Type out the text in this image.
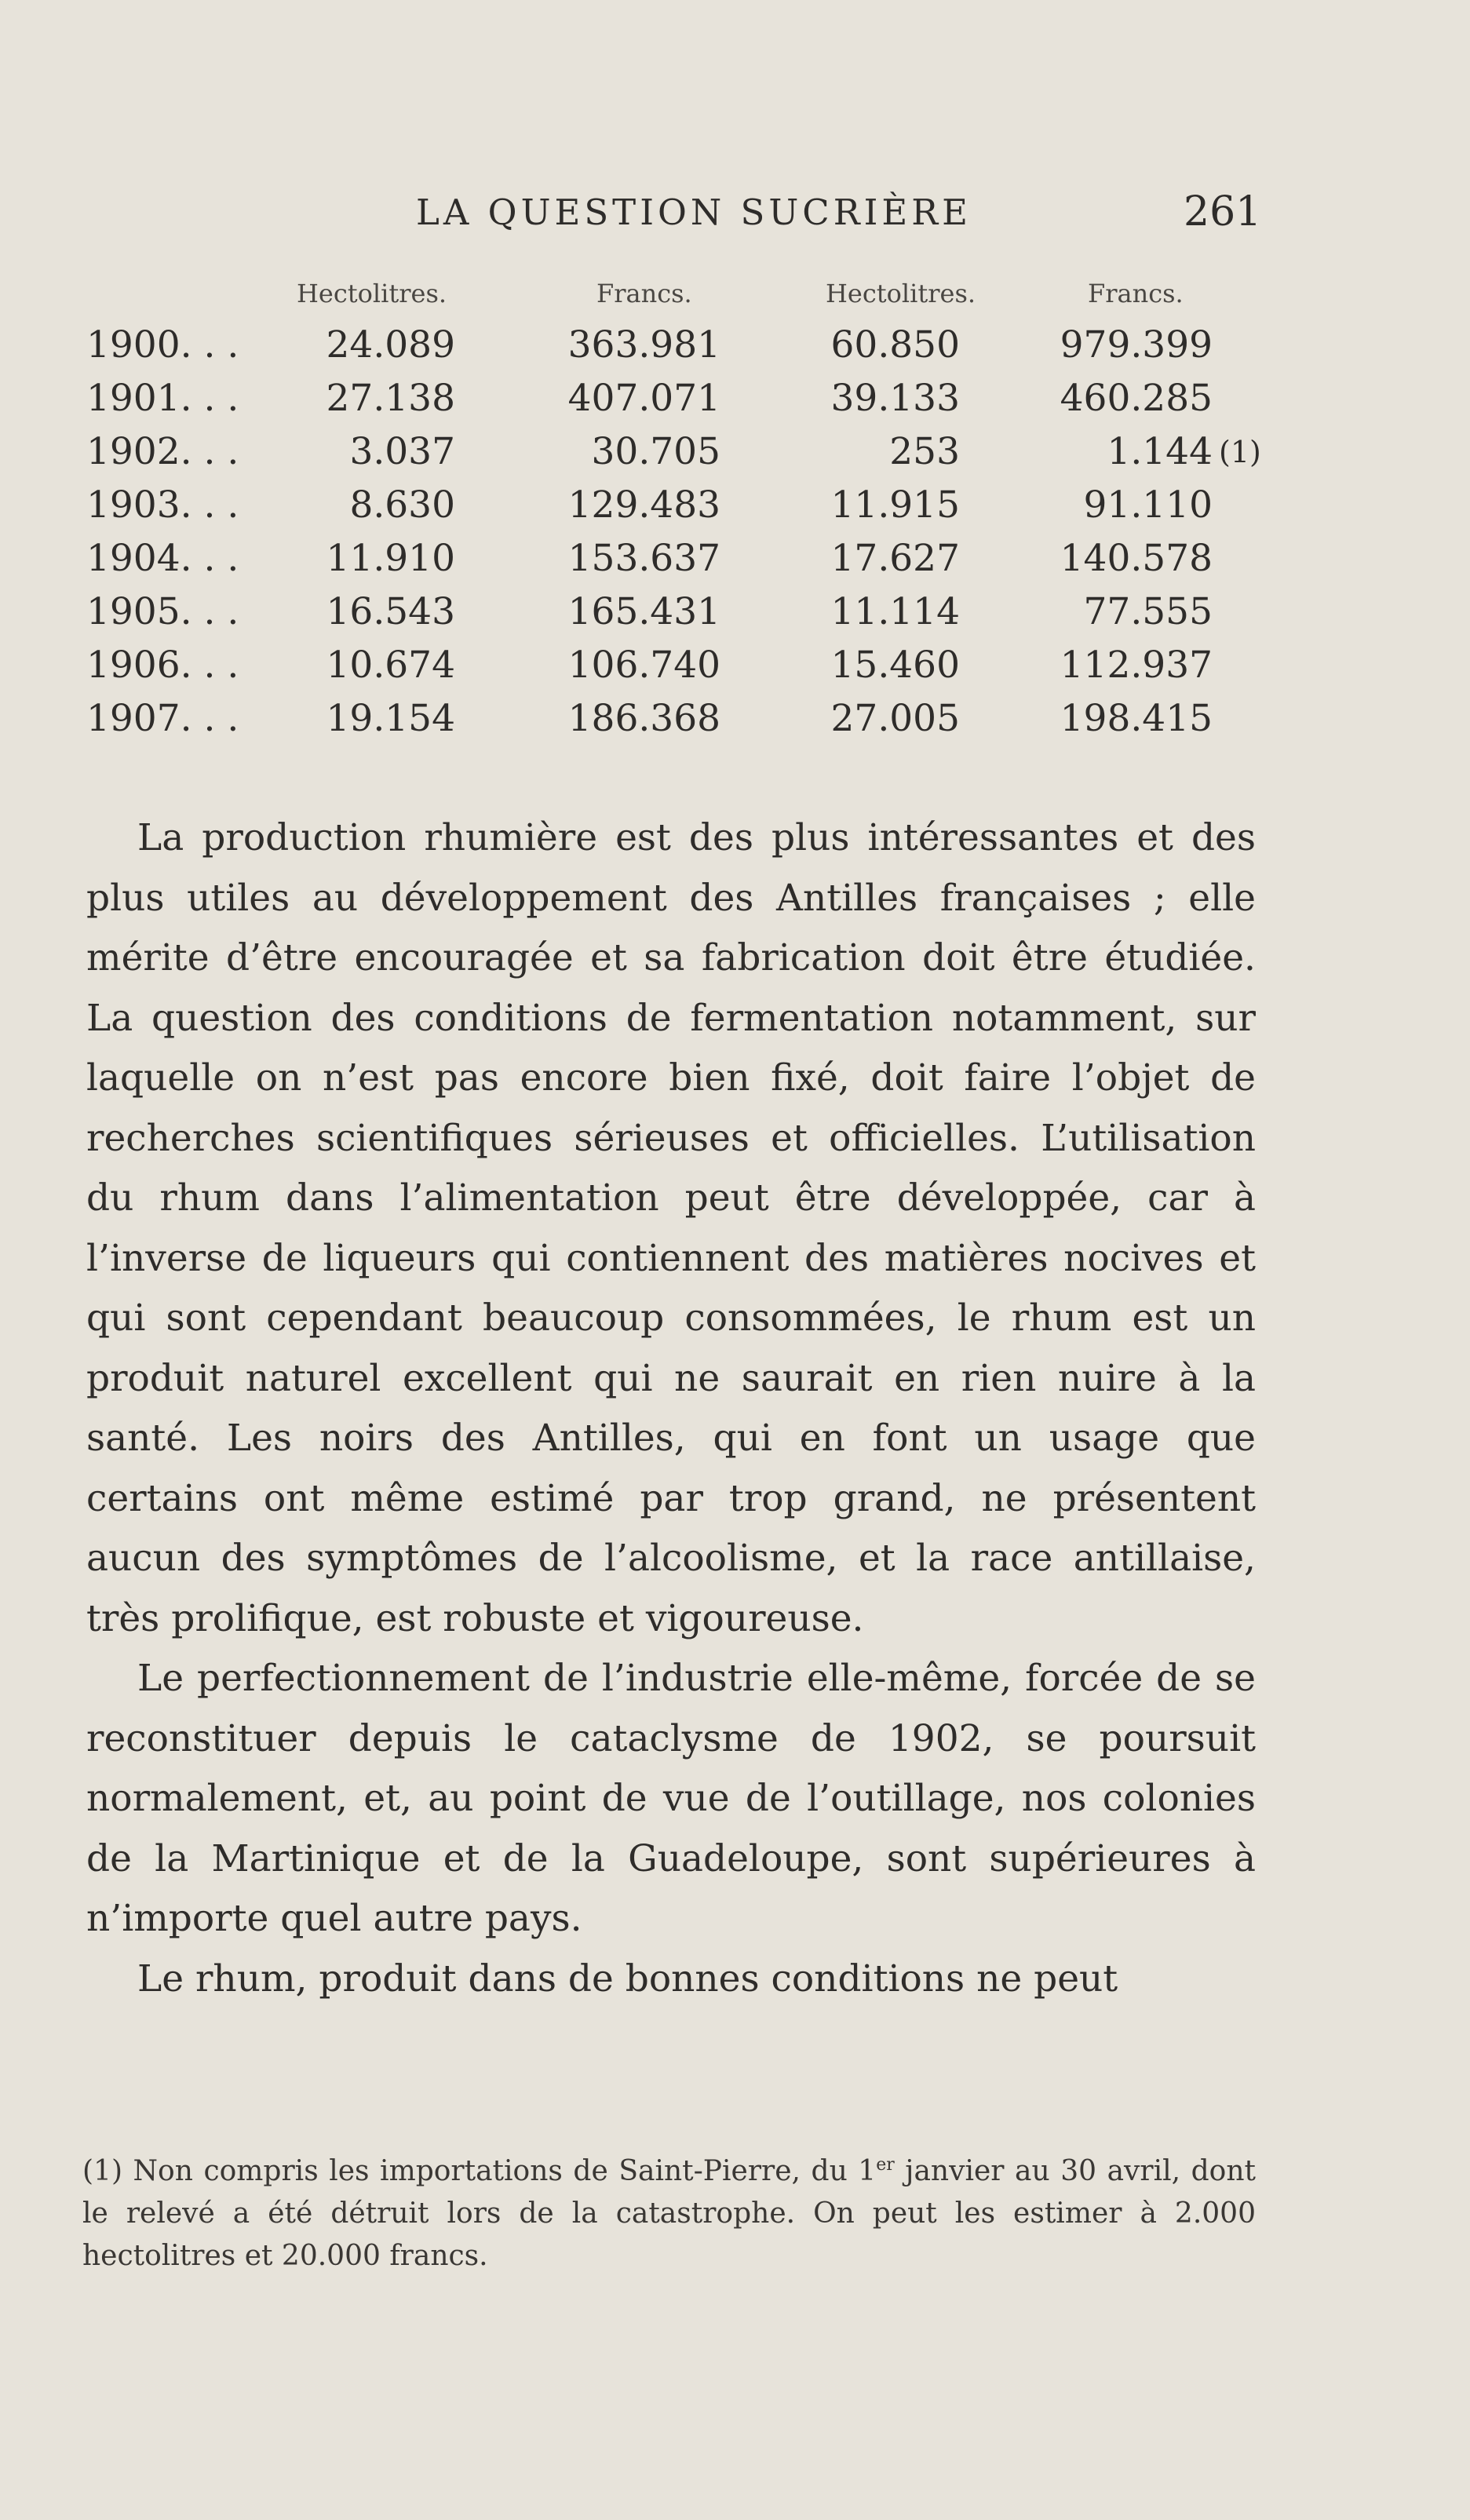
LA QUESTION SUCRIÈRE	261
Hectolitres.	Francs.	Hectolitres.	Francs.
1900. . . 24.089	363.981	60.850	979.399
1901. . . 27.138	407.071	39.133	460.285
1902. . .	3.037	30.705	253	1.144 (1)
1903. . .	8.630	129.483	11.915	91.110
1904. . . 11.910	153.637	17.627	140.578
1905. . . 16.543	165.431	11.114	77.555
1906. . . 10.674	106.740	15.460	112.937
1907. . . 19.154	186.368	27.005	198.415

La production rhumière est des plus intéressantes et des plus utiles au développement des Antilles françaises ; elle mérite d’être encouragée et sa fabrication doit être étudiée. La question des conditions de fermentation notamment, sur laquelle on n’est pas encore bien fixé, doit faire l’objet de recherches scientifiques sérieuses et officielles. L’utilisation du rhum dans l’alimentation peut être développée, car à l’inverse de liqueurs qui contiennent des matières nocives et qui sont cependant beaucoup consommées, le rhum est un produit naturel excellent qui ne saurait en rien nuire à la santé. Les noirs des Antilles, qui en font un usage que certains ont même estimé par trop grand, ne présentent aucun des symptômes de l’alcoolisme, et la race antillaise, très prolifique, est robuste et vigoureuse.

Le perfectionnement de l’industrie elle-même, forcée de se reconstituer depuis le cataclysme de 1902, se poursuit normalement, et, au point de vue de l’outillage, nos colonies de la Martinique et de la Guadeloupe, sont supérieures à n’importe quel autre pays.

Le rhum, produit dans de bonnes conditions ne peut

(1) Non compris les importations de Saint-Pierre, du 1er janvier au 30 avril, dont le relevé a été détruit lors de la catastrophe. On peut les estimer à 2.000 hectolitres et 20.000 francs.
